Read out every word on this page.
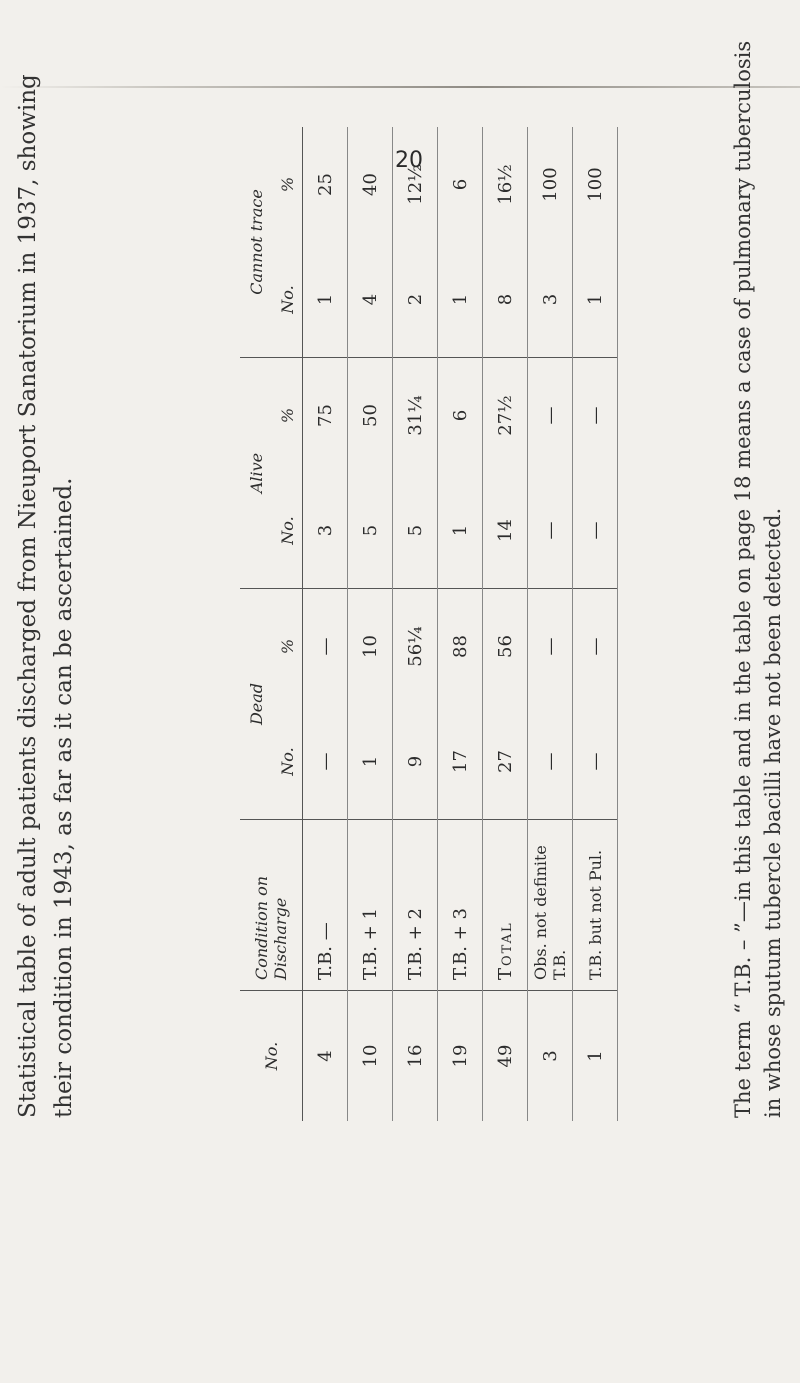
20
Statistical table of adult patients discharged from Nieuport Sanatorium in 1937, showing their condition in 1943, as far as it can be ascertained.	No.	Condition on Discharge	Dead		Alive		Cannot trace	
		No.	%	No.	%	No.	%
4	T.B. —	—	—	3	75	1	25
10	T.B. + 1	1	10	5	50	4	40
16	T.B. + 2	9	56¼	5	31¼	2	12½
19	T.B. + 3	17	88	1	6	1	6
49	Total	27	56	14	27½	8	16½
3	Obs. not definite T.B.	—	—	—	—	3	100
1	T.B. but not Pul.	—	—	—	—	1	100	The term “ T.B. – ”—in this table and in the table on page 18 means a case of pulmonary tuberculosis in whose sputum tubercle bacilli have not been detected.
